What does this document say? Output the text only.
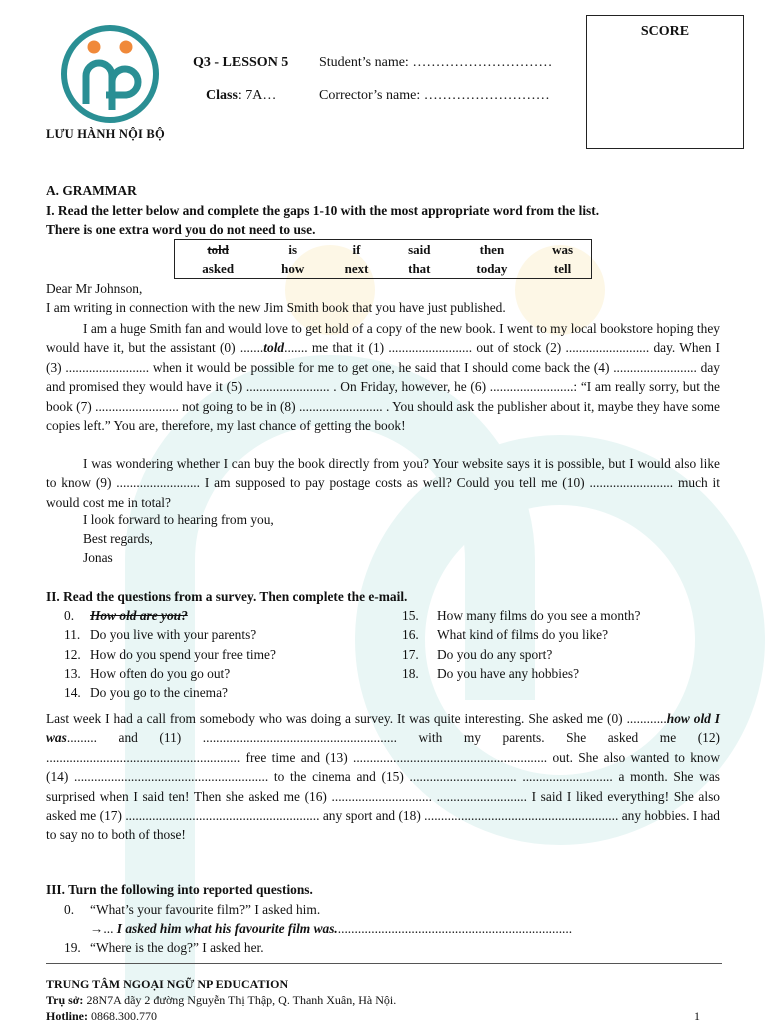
LƯU HÀNH NỘI BỘ
Q3 - LESSON 5 Student’s name: …………………………
Class: 7A…	Corrector’s name: ………………………
SCORE
A. GRAMMAR
I. Read the letter below and complete the gaps 1-10 with the most appropriate word from the list.
There is one extra word you do not need to use.
told	is	if	said	then	was
asked	how	next	that	today	tell
Dear Mr Johnson,
I am writing in connection with the new Jim Smith book that you have just published.
I am a huge Smith fan and would love to get hold of a copy of the new book. I went to my local bookstore hoping they would have it, but the assistant (0) .......told....... me that it (1) ......................... out of stock (2) ......................... day. When I (3) ......................... when it would be possible for me to get one, he said that I should come back the (4) ......................... day and promised they would have it (5) ......................... . On Friday, however, he (6) .........................: “I am really sorry, but the book (7) ......................... not going to be in (8) ......................... . You should ask the publisher about it, maybe they have some copies left.” You are, therefore, my last chance of getting the book!
I was wondering whether I can buy the book directly from you? Your website says it is possible, but I would also like to know (9) ......................... I am supposed to pay postage costs as well? Could you tell me (10) ......................... much it would cost me in total?
I look forward to hearing from you,
Best regards,
Jonas
II. Read the questions from a survey. Then complete the e-mail.
0. How old are you?
11. Do you live with your parents?
12. How do you spend your free time?
13. How often do you go out?
14. Do you go to the cinema?
15. How many films do you see a month?
16. What kind of films do you like?
17. Do you do any sport?
18. Do you have any hobbies?
Last week I had a call from somebody who was doing a survey. It was quite interesting. She asked me (0) ............how old I was......... and (11) .......................................................... with my parents. She asked me (12) .......................................................... free time and (13) .......................................................... out. She also wanted to know (14) .......................................................... to the cinema and (15) ................................ ........................... a month. She was surprised when I said ten! Then she asked me (16) .............................. ........................... I said I liked everything! She also asked me (17) .......................................................... any sport and (18) .......................................................... any hobbies. I had to say no to both of those!
III. Turn the following into reported questions.
0. “What’s your favourite film?” I asked him.
→... I asked him what his favourite film was.......................................................................
19. “Where is the dog?” I asked her.
TRUNG TÂM NGOẠI NGỮ NP EDUCATION
Trụ sở: 28N7A dãy 2 đường Nguyễn Thị Thập, Q. Thanh Xuân, Hà Nội.
Hotline: 0868.300.770	1
